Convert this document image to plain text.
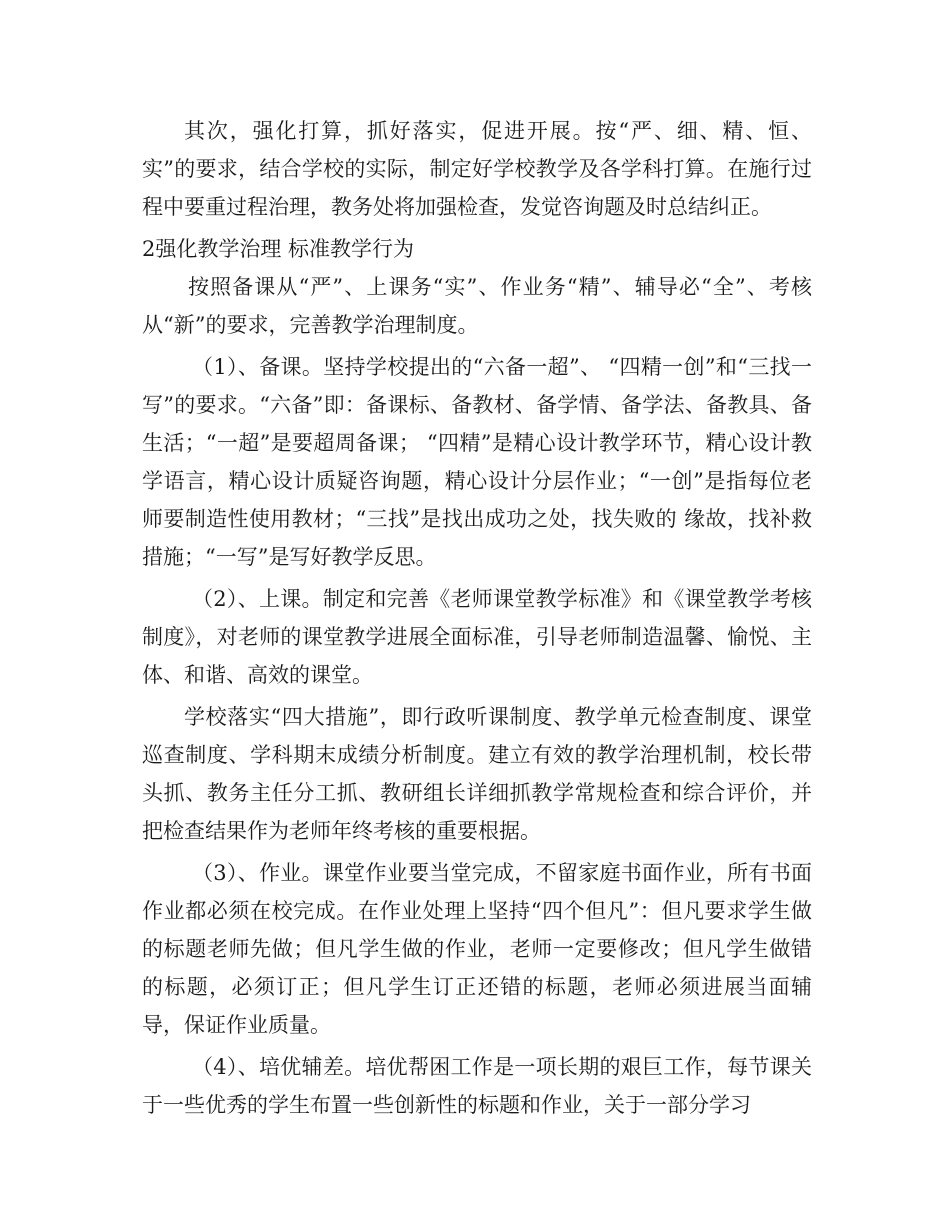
其次，强化打算，抓好落实，促进开展。按“严、细、精、恒、实”的要求，结合学校的实际，制定好学校教学及各学科打算。在施行过程中要重过程治理，教务处将加强检查，发觉咨询题及时总结纠正。

2强化教学治理 标准教学行为

按照备课从“严”、上课务“实”、作业务“精”、辅导必“全”、考核从“新”的要求，完善教学治理制度。

（1）、备课。坚持学校提出的“六备一超”、 “四精一创”和“三找一写”的要求。“六备”即：备课标、备教材、备学情、备学法、备教具、备生活；“一超”是要超周备课； “四精”是精心设计教学环节，精心设计教学语言，精心设计质疑咨询题，精心设计分层作业；“一创”是指每位老师要制造性使用教材；“三找”是找出成功之处，找失败的 缘故，找补救措施；“一写”是写好教学反思。

（2）、上课。制定和完善《老师课堂教学标准》和《课堂教学考核制度》，对老师的课堂教学进展全面标准，引导老师制造温馨、愉悦、主体、和谐、高效的课堂。

学校落实“四大措施”，即行政听课制度、教学单元检查制度、课堂巡查制度、学科期末成绩分析制度。建立有效的教学治理机制，校长带头抓、教务主任分工抓、教研组长详细抓教学常规检查和综合评价，并把检查结果作为老师年终考核的重要根据。

（3）、作业。课堂作业要当堂完成，不留家庭书面作业，所有书面作业都必须在校完成。在作业处理上坚持“四个但凡”：但凡要求学生做的标题老师先做；但凡学生做的作业，老师一定要修改；但凡学生做错的标题，必须订正；但凡学生订正还错的标题，老师必须进展当面辅导，保证作业质量。

（4）、培优辅差。培优帮困工作是一项长期的艰巨工作，每节课关于一些优秀的学生布置一些创新性的标题和作业，关于一部分学习
